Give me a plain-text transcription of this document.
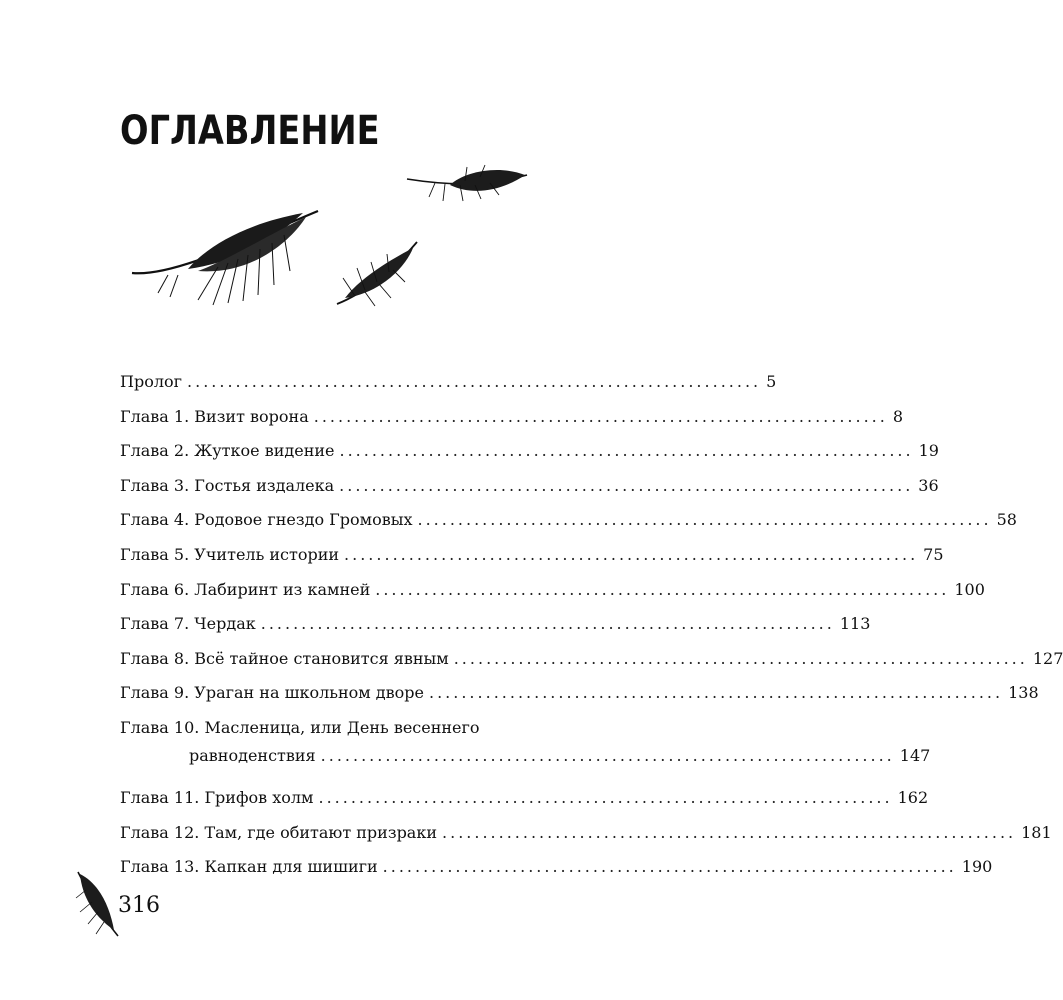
ОГЛАВЛЕНИЕ
Пролог ....................................................................... 5
Глава 1. Визит ворона ....................................................................... 8
Глава 2. Жуткое видение ....................................................................... 19
Глава 3. Гостья издалека ....................................................................... 36
Глава 4. Родовое гнездо Громовых ....................................................................... 58
Глава 5. Учитель истории ....................................................................... 75
Глава 6. Лабиринт из камней ....................................................................... 100
Глава 7. Чердак ....................................................................... 113
Глава 8. Всё тайное становится явным ....................................................................... 127
Глава 9. Ураган на школьном дворе ....................................................................... 138
Глава 10. Масленица, или День весеннего
равноденствия ....................................................................... 147
Глава 11. Грифов холм ....................................................................... 162
Глава 12. Там, где обитают призраки ....................................................................... 181
Глава 13. Капкан для шишиги ....................................................................... 190
316
